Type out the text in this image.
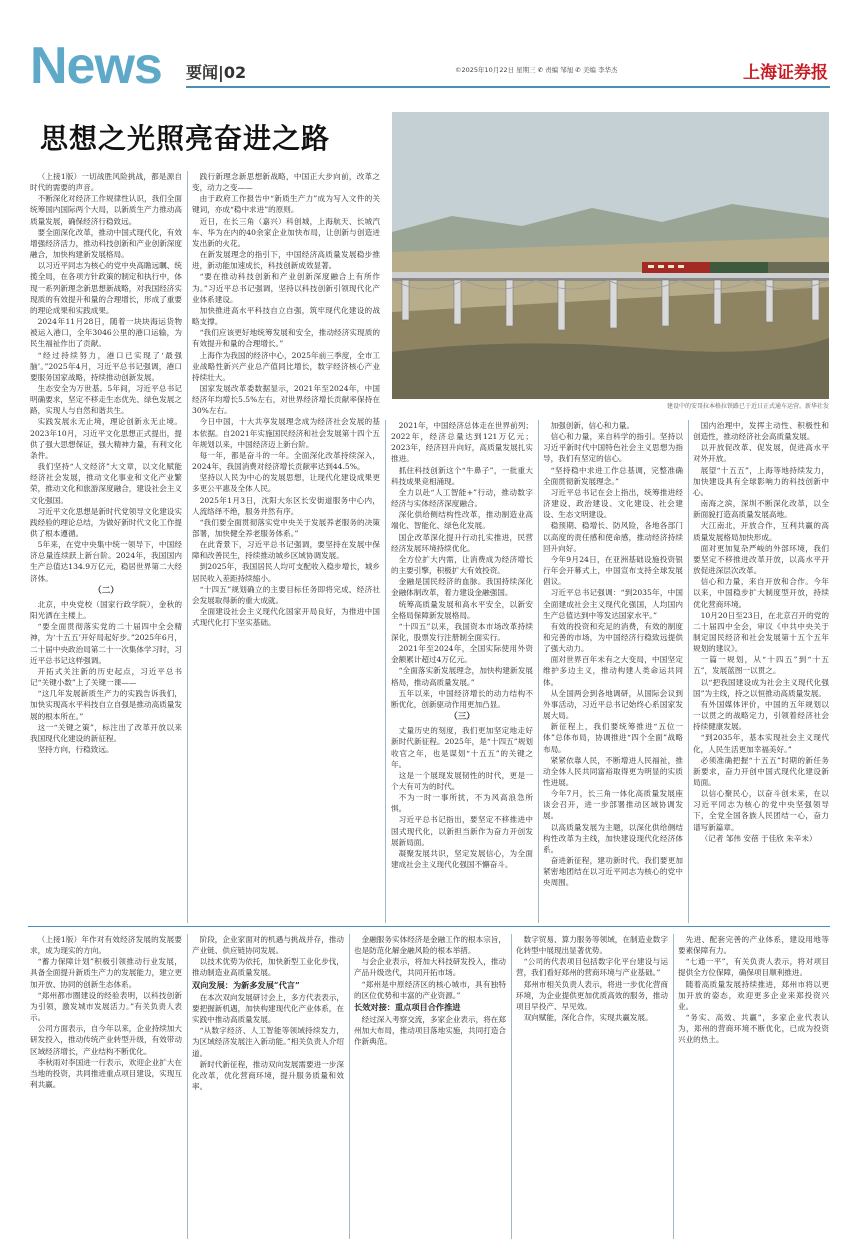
News 要闻|02	©2025年10月22日 星期三 ✆ 责编 邹旭 ✆ 美编 李华杰	上海证券报
思想之光照亮奋进之路
建设中的安哥拉本格拉铁路已于近日正式通车运营。新华社发

（上接1版）一切战胜风险挑战，都是源自时代的需要的声音。

不断深化对经济工作规律性认识，我们全面统筹国内国际两个大局，以新质生产力推动高质量发展，确保经济行稳致远。

要全面深化改革，推动中国式现代化，有效增强经济活力，推动科技创新和产业创新深度融合，加快构建新发展格局。

以习近平同志为核心的党中央高瞻远瞩、统揽全局，在各项方针政策的制定和执行中，体现一系列新理念新思想新战略，对我国经济实现质的有效提升和量的合理增长，形成了重要的理论成果和实践成果。

2024年11月28日，随着一块块海运货物被运入港口，全年3046公里的港口运输，为民生福祉作出了贡献。

“经过持续努力，港口已实现了‘最强脑’。”2025年4月，习近平总书记强调，港口要服务国家战略，持续推动创新发展。

生态安全为万世基。5年间，习近平总书记明确要求，坚定不移走生态优先、绿色发展之路，实现人与自然和谐共生。

实践发展永无止境，理论创新永无止境。2023年10月，习近平文化思想正式提出，提供了强大思想保证，强大精神力量，有利文化条件。

我们坚持“人文经济”大文章，以文化赋能经济社会发展，推动文化事业和文化产业繁荣，推动文化和旅游深度融合，建设社会主义文化强国。

习近平文化思想是新时代党领导文化建设实践经验的理论总结，为做好新时代文化工作提供了根本遵循。

5年来，在党中央集中统一领导下，中国经济总量连续跃上新台阶。2024年，我国国内生产总值达134.9万亿元，稳居世界第二大经济体。

（二）

北京，中央党校（国家行政学院），金秋的阳光洒在主楼上。

“要全面贯彻落实党的二十届四中全会精神，为‘十五五’开好局起好步。”2025年6月，二十届中央政治局第二十一次集体学习时，习近平总书记这样强调。

开拓式关注新的历史起点，习近平总书记“关键小数”上了关键一课——

“这几年发展新质生产力的实践告诉我们，加快实现高水平科技自立自强是推动高质量发展的根本所在。”

这一“关键之策”，标注出了改革开放以来我国现代化建设的新征程。

坚持方向，行稳致远。

践行新理念新思想新战略，中国正大步向前，改革之变，动力之变——

由于政府工作报告中“新质生产力”成为写入文件的关键词，亦成“稳中求进”的原则。

近日，在长三角（嘉兴）科创城，上海航天、长城汽车、华为在内的40余家企业加快布局，让创新与创造迸发出新的火花。

在新发展理念的指引下，中国经济高质量发展稳步推进，新动能加速成长，科技创新成效显著。

“要在推动科技创新和产业创新深度融合上有所作为。”习近平总书记强调，坚持以科技创新引领现代化产业体系建设。

加快推进高水平科技自立自强，筑牢现代化建设的战略支撑。

“我们应该更好地统筹发展和安全，推动经济实现质的有效提升和量的合理增长。”

上海作为我国的经济中心，2025年前三季度，全市工业战略性新兴产业总产值同比增长，数字经济核心产业持续壮大。

国家发展改革委数据显示，2021年至2024年，中国经济年均增长5.5%左右，对世界经济增长贡献率保持在30%左右。

今日中国，十大共享发展理念成为经济社会发展的基本依据。自2021年实施国民经济和社会发展第十四个五年规划以来，中国经济迈上新台阶。

每一年，都是奋斗的一年。全面深化改革持续深入，2024年，我国消费对经济增长贡献率达到44.5%。

坚持以人民为中心的发展思想，让现代化建设成果更多更公平惠及全体人民。

2025年1月3日，沈阳大东区长安街道服务中心内，人流络绎不绝，服务井然有序。

“我们要全面贯彻落实党中央关于发展养老服务的决策部署，加快健全养老服务体系。”

在此背景下，习近平总书记强调，要坚持在发展中保障和改善民生，持续推动城乡区域协调发展。

到2025年，我国居民人均可支配收入稳步增长，城乡居民收入差距持续缩小。

“十四五”规划确立的主要目标任务即将完成，经济社会发展取得新的重大成就。

全面建设社会主义现代化国家开局良好，为推进中国式现代化打下坚实基础。

2021年，中国经济总体走在世界前列；2022年，经济总量达到121万亿元；2023年，经济回升向好，高质量发展扎实推进。

抓住科技创新这个“牛鼻子”，一批重大科技成果竞相涌现。

全力以赴“人工智能+”行动，推动数字经济与实体经济深度融合。

深化供给侧结构性改革，推动制造业高端化、智能化、绿色化发展。

国企改革深化提升行动扎实推进，民营经济发展环境持续优化。

全方位扩大内需，让消费成为经济增长的主要引擎，积极扩大有效投资。

金融是国民经济的血脉。我国持续深化金融体制改革，着力建设金融强国。

统筹高质量发展和高水平安全，以新安全格局保障新发展格局。

“十四五”以来，我国资本市场改革持续深化，股票发行注册制全面实行。

2021年至2024年，全国实际使用外资金额累计超过4万亿元。

“全面落实新发展理念，加快构建新发展格局，推动高质量发展。”

五年以来，中国经济增长的动力结构不断优化，创新驱动作用更加凸显。

（三）

丈量历史的刻度，我们更加坚定地走好新时代新征程。2025年，是“十四五”规划收官之年，也是谋划“十五五”的关键之年。

这是一个展现发展韧性的时代，更是一个大有可为的时代。

不为一时一事所扰，不为风高浪急所惧。

习近平总书记指出，要坚定不移推进中国式现代化，以新担当新作为奋力开创发展新局面。

凝聚发展共识，坚定发展信心，为全面建成社会主义现代化强国不懈奋斗。

加强创新，信心和力量。

信心和力量，来自科学的指引。坚持以习近平新时代中国特色社会主义思想为指导，我们有坚定的信心。

“坚持稳中求进工作总基调，完整准确全面贯彻新发展理念。”

习近平总书记在会上指出，统筹推进经济建设、政治建设、文化建设、社会建设、生态文明建设。

稳预期、稳增长、防风险，各地各部门以高度的责任感和使命感，推动经济持续回升向好。

今年9月24日，在亚洲基础设施投资银行年会开幕式上，中国宣布支持全球发展倡议。

习近平总书记强调：“到2035年，中国全面建成社会主义现代化强国，人均国内生产总值达到中等发达国家水平。”

有效的投资和充足的消费，有效的制度和完善的市场，为中国经济行稳致远提供了强大动力。

面对世界百年未有之大变局，中国坚定维护多边主义，推动构建人类命运共同体。

从全国两会到各地调研，从国际会议到外事活动，习近平总书记始终心系国家发展大局。

新征程上，我们要统筹推进“五位一体”总体布局，协调推进“四个全面”战略布局。

紧紧依靠人民，不断增进人民福祉，推动全体人民共同富裕取得更为明显的实质性进展。

今年7月，长三角一体化高质量发展座谈会召开，进一步部署推动区域协调发展。

以高质量发展为主题，以深化供给侧结构性改革为主线，加快建设现代化经济体系。

奋进新征程，建功新时代。我们要更加紧密地团结在以习近平同志为核心的党中央周围。

国内治理中，发挥主动性、积极性和创造性，推动经济社会高质量发展。

以开放促改革、促发展，促进高水平对外开放。

展望“十五五”，上海等地持续发力，加快建设具有全球影响力的科技创新中心。

南海之滨，深圳不断深化改革，以全新面貌打造高质量发展高地。

大江南北，开放合作，互利共赢的高质量发展格局加快形成。

面对更加复杂严峻的外部环境，我们要坚定不移推进改革开放，以高水平开放促进深层次改革。

信心和力量，来自开放和合作。今年以来，中国稳步扩大制度型开放，持续优化营商环境。

10月20日至23日，在北京召开的党的二十届四中全会，审议《中共中央关于制定国民经济和社会发展第十五个五年规划的建议》。

一篇一规划，从“十四五”到“十五五”，发展蓝图一以贯之。

以“把我国建设成为社会主义现代化强国”为主线，持之以恒推动高质量发展。

有外国媒体评价，中国的五年规划以一以贯之的战略定力，引领着经济社会持续健康发展。

“到2035年，基本实现社会主义现代化，人民生活更加幸福美好。”

必须准确把握“十五五”时期的新任务新要求，奋力开创中国式现代化建设新局面。

以信心聚民心，以奋斗创未来，在以习近平同志为核心的党中央坚强领导下，全党全国各族人民团结一心，奋力谱写新篇章。

（记者 邹伟 安蓓 于佳欣 朱辛未）

（上接1版）年作对有效经济发展的发展要求，成为现实的方向。

“蓄力保障计划”积极引领推动行业发展，具备全面提升新质生产力的发展能力，建立更加开放、协同的创新生态体系。

“郑州都市圈建设的经验表明，以科技创新为引领，激发城市发展活力。”有关负责人表示。

公司方面表示，自今年以来，企业持续加大研发投入，推动传统产业转型升级，有效带动区域经济增长，产业结构不断优化。

李秋雨对李国进一行表示，欢迎企业扩大在当地的投资，共同推进重点项目建设，实现互利共赢。

阶段，企业家面对的机遇与挑战并存，推动产业链、供应链协同发展。

以技术优势为依托，加快新型工业化步伐，推动制造业高质量发展。

双向发展：为新多发展“代言”

在本次双向发展研讨会上，多方代表表示，要把握新机遇，加快构建现代化产业体系，在实践中推动高质量发展。

“从数字经济、人工智能等领域持续发力，为区域经济发展注入新动能。”相关负责人介绍道。

新时代新征程，推动双向发展需要进一步深化改革，优化营商环境，提升服务质量和效率。

金融服务实体经济是金融工作的根本宗旨，也是防范化解金融风险的根本举措。

与会企业表示，将加大科技研发投入，推动产品升级迭代，共同开拓市场。

“郑州是中原经济区的核心城市，具有独特的区位优势和丰富的产业资源。”

长效对接：重点项目合作推进

经过深入考察交流，多家企业表示，将在郑州加大布局，推动项目落地实施，共同打造合作新典范。

数字贸易、算力服务等领域，在制造业数字化转型中展现出显著优势。

“公司的代表项目包括数字化平台建设与运营，我们看好郑州的营商环境与产业基础。”

郑州市相关负责人表示，将进一步优化营商环境，为企业提供更加优质高效的服务，推动项目早投产、早见效。

双向赋能，深化合作，实现共赢发展。

先进、配套完善的产业体系，建设用地等要素保障有力。

“七通一平”，有关负责人表示，将对项目提供全方位保障，确保项目顺利推进。

随着高质量发展持续推进，郑州市将以更加开放的姿态，欢迎更多企业来郑投资兴业。

“务实、高效、共赢”，多家企业代表认为，郑州的营商环境不断优化，已成为投资兴业的热土。
